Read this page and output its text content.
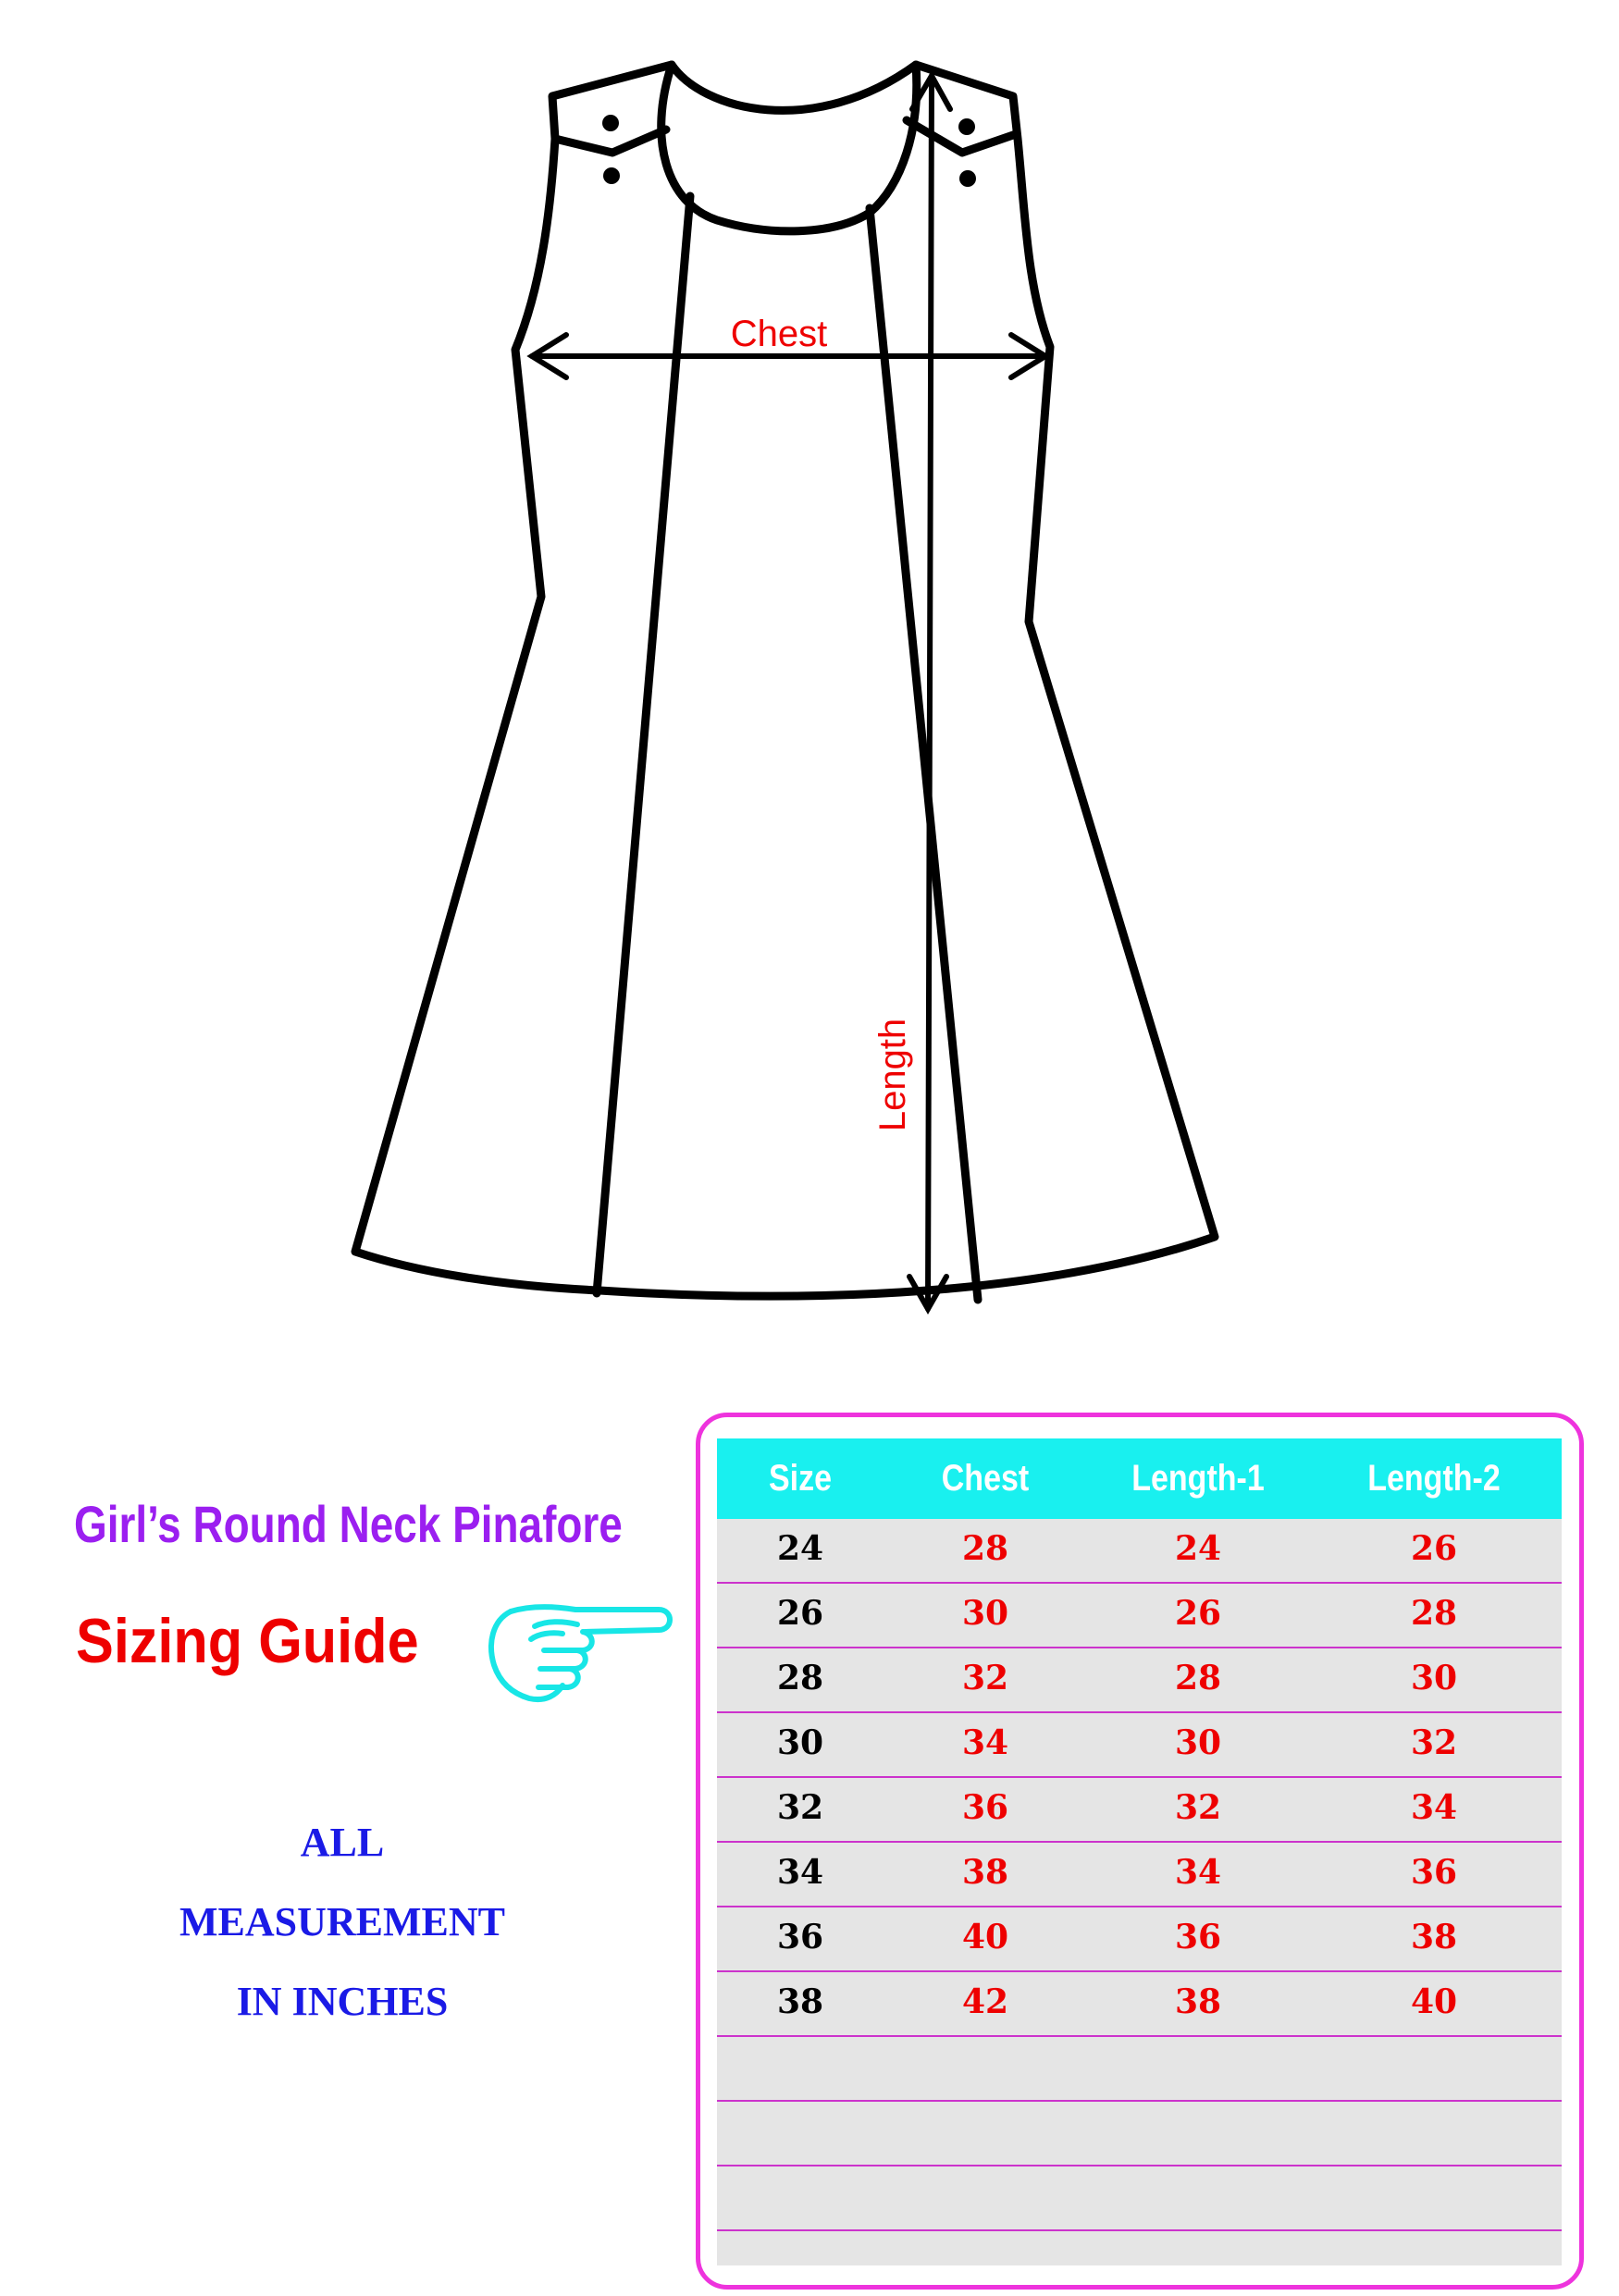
Chest
Length
Girl’s Round Neck Pinafore
Sizing Guide
ALL
MEASUREMENT
IN INCHES
Size	Chest	Length-1	Length-2
24	28	24	26
26	30	26	28
28	32	28	30
30	34	30	32
32	36	32	34
34	38	34	36
36	40	36	38
38	42	38	40
